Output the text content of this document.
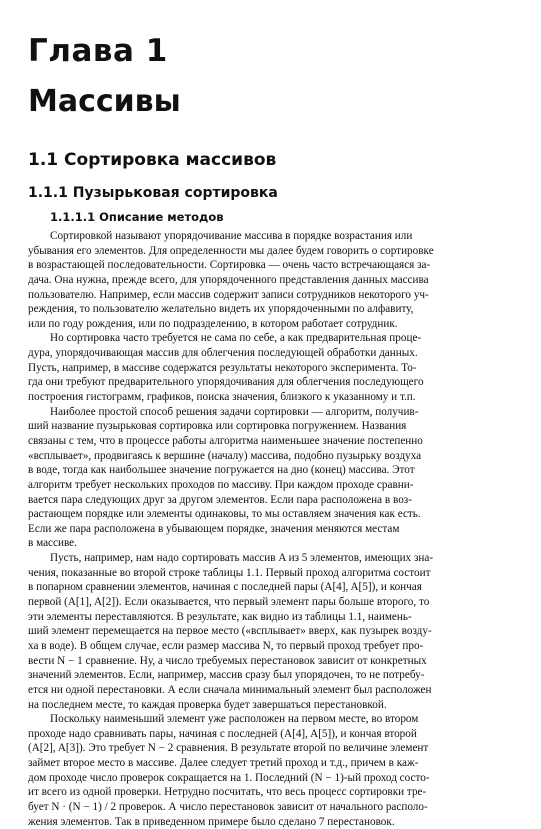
Глава 1
Массивы
1.1 Сортировка массивов
1.1.1 Пузырьковая сортировка
1.1.1.1 Описание методов
Сортировкой называют упорядочивание массива в порядке возрастания или
убывания его элементов. Для определенности мы далее будем говорить о сортировке
в возрастающей последовательности. Сортировка — очень часто встречающаяся за-
дача. Она нужна, прежде всего, для упорядоченного представления данных массива
пользователю. Например, если массив содержит записи сотрудников некоторого уч-
реждения, то пользователю желательно видеть их упорядоченными по алфавиту,
или по году рождения, или по подразделению, в котором работает сотрудник.
Но сортировка часто требуется не сама по себе, а как предварительная проце-
дура, упорядочивающая массив для облегчения последующей обработки данных.
Пусть, например, в массиве содержатся результаты некоторого эксперимента. То-
гда они требуют предварительного упорядочивания для облегчения последующего
построения гистограмм, графиков, поиска значения, близкого к указанному и т.п.
Наиболее простой способ решения задачи сортировки — алгоритм, получив-
ший название пузырьковая сортировка или сортировка погружением. Названия
связаны с тем, что в процессе работы алгоритма наименьшее значение постепенно
«всплывает», продвигаясь к вершине (началу) массива, подобно пузырьку воздуха
в воде, тогда как наибольшее значение погружается на дно (конец) массива. Этот
алгоритм требует нескольких проходов по массиву. При каждом проходе сравни-
вается пара следующих друг за другом элементов. Если пара расположена в воз-
растающем порядке или элементы одинаковы, то мы оставляем значения как есть.
Если же пара расположена в убывающем порядке, значения меняются местам
в массиве.
Пусть, например, нам надо сортировать массив A из 5 элементов, имеющих зна-
чения, показанные во второй строке таблицы 1.1. Первый проход алгоритма состоит
в попарном сравнении элементов, начиная с последней пары (A[4], A[5]), и кончая
первой (A[1], A[2]). Если оказывается, что первый элемент пары больше второго, то
эти элементы переставляются. В результате, как видно из таблицы 1.1, наимень-
ший элемент перемещается на первое место («всплывает» вверх, как пузырек возду-
ха в воде). В общем случае, если размер массива N, то первый проход требует про-
вести N − 1 сравнение. Ну, а число требуемых перестановок зависит от конкретных
значений элементов. Если, например, массив сразу был упорядочен, то не потребу-
ется ни одной перестановки. А если сначала минимальный элемент был расположен
на последнем месте, то каждая проверка будет завершаться перестановкой.
Поскольку наименьший элемент уже расположен на первом месте, во втором
проходе надо сравнивать пары, начиная с последней (A[4], A[5]), и кончая второй
(A[2], A[3]). Это требует N − 2 сравнения. В результате второй по величине элемент
займет второе место в массиве. Далее следует третий проход и т.д., причем в каж-
дом проходе число проверок сокращается на 1. Последний (N − 1)-ый проход состо-
ит всего из одной проверки. Нетрудно посчитать, что весь процесс сортировки тре-
бует N · (N − 1) / 2 проверок. А число перестановок зависит от начального располо-
жения элементов. Так в приведенном примере было сделано 7 перестановок.
